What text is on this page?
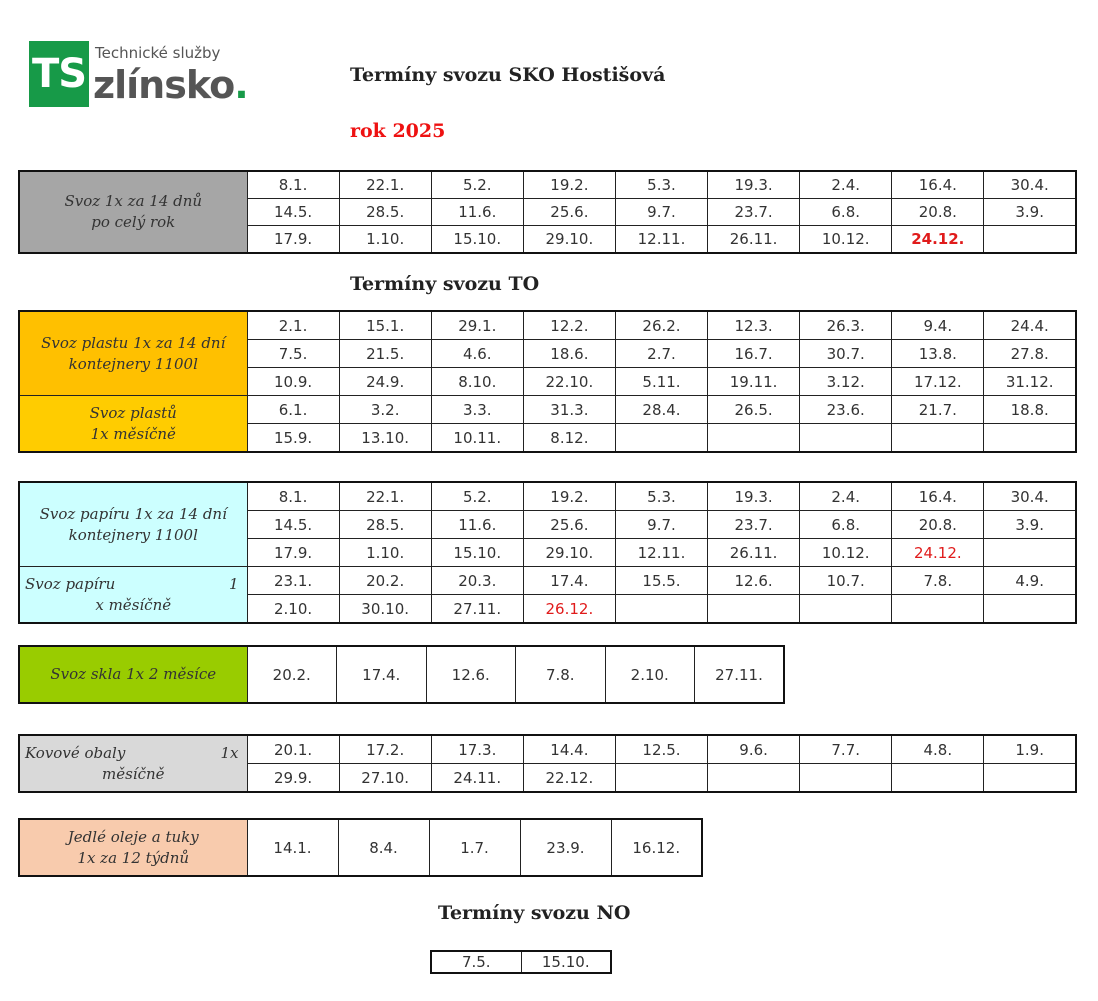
TS Technické služby
zlínsko.	Termíny svozu SKO Hostišová
rok 2025
Svoz 1x za 14 dnů
po celý rok	8.1.	22.1.	5.2.	19.2.	5.3.	19.3.	2.4.	16.4.	30.4.
	14.5.	28.5.	11.6.	25.6.	9.7.	23.7.	6.8.	20.8.	3.9.
	17.9.	1.10.	15.10.	29.10.	12.11.	26.11.	10.12.	24.12.	
Termíny svozu TO
Svoz plastu 1x za 14 dní
kontejnery 1100l	2.1.	15.1.	29.1.	12.2.	26.2.	12.3.	26.3.	9.4.	24.4.
	7.5.	21.5.	4.6.	18.6.	2.7.	16.7.	30.7.	13.8.	27.8.
	10.9.	24.9.	8.10.	22.10.	5.11.	19.11.	3.12.	17.12.	31.12.

Svoz plastů
1x měsíčně	6.1.	3.2.	3.3.	31.3.	28.4.	26.5.	23.6.	21.7.	18.8.
	15.9.	13.10.	10.11.	8.12.					
Svoz papíru 1x za 14 dní
kontejnery 1100l	8.1.	22.1.	5.2.	19.2.	5.3.	19.3.	2.4.	16.4.	30.4.
	14.5.	28.5.	11.6.	25.6.	9.7.	23.7.	6.8.	20.8.	3.9.
	17.9.	1.10.	15.10.	29.10.	12.11.	26.11.	10.12.	24.12.	

Svoz papíru 1
x měsíčně	23.1.	20.2.	20.3.	17.4.	15.5.	12.6.	10.7.	7.8.	4.9.
	2.10.	30.10.	27.11.	26.12.					
Svoz skla 1x 2 měsíce	20.2.	17.4.	12.6.	7.8.	2.10.	27.11.
Kovové obaly 1x
měsíčně	20.1.	17.2.	17.3.	14.4.	12.5.	9.6.	7.7.	4.8.	1.9.
	29.9.	27.10.	24.11.	22.12.					
Jedlé oleje a tuky
1x za 12 týdnů
	14.1.	8.4.	1.7.	23.9.	16.12.
Termíny svozu NO
7.5.	15.10.
